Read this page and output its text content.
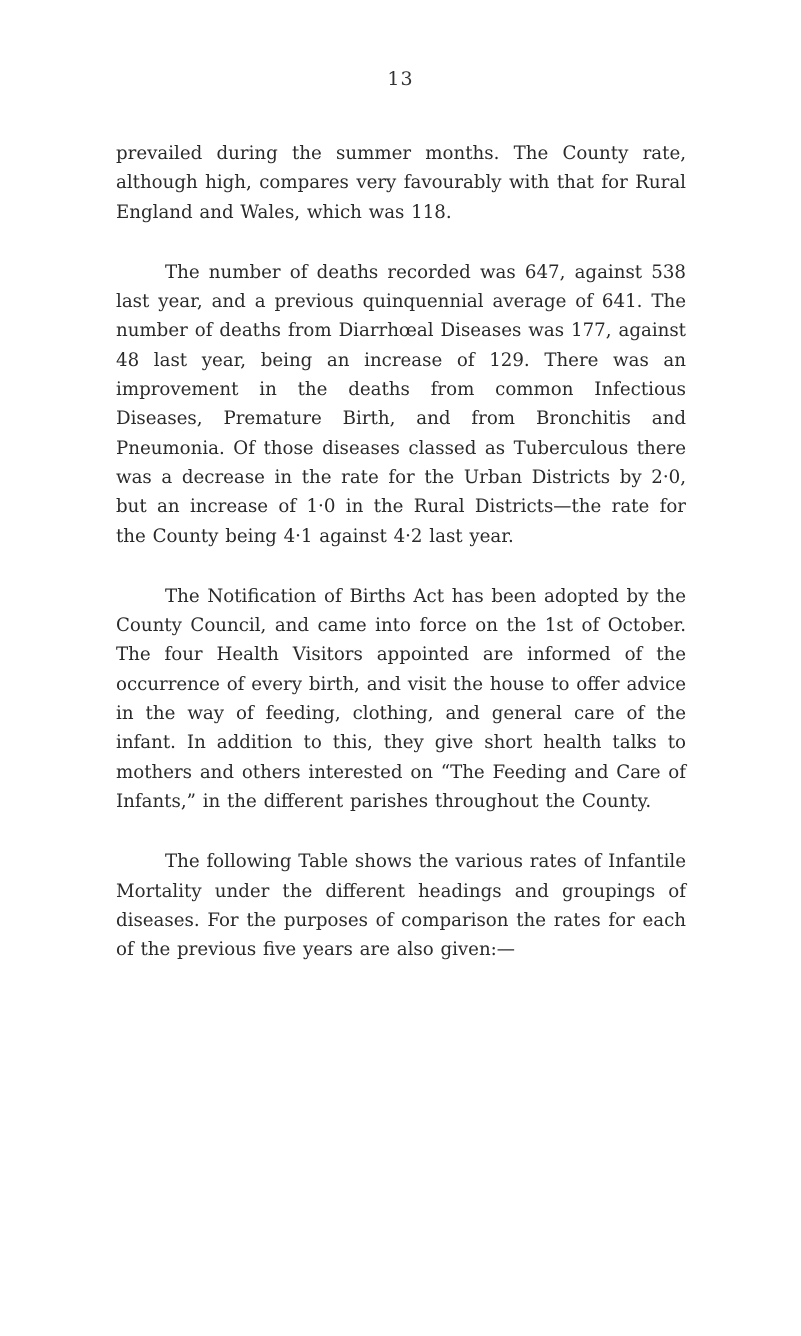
13

prevailed during the summer months. The County rate, although high, compares very favourably with that for Rural England and Wales, which was 118.

The number of deaths recorded was 647, against 538 last year, and a previous quinquennial average of 641. The number of deaths from Diarrhœal Diseases was 177, against 48 last year, being an increase of 129. There was an improvement in the deaths from common Infectious Diseases, Premature Birth, and from Bronchitis and Pneumonia. Of those diseases classed as Tuberculous there was a decrease in the rate for the Urban Districts by 2·0, but an increase of 1·0 in the Rural Districts—the rate for the County being 4·1 against 4·2 last year.

The Notification of Births Act has been adopted by the County Council, and came into force on the 1st of October. The four Health Visitors appointed are informed of the occurrence of every birth, and visit the house to offer advice in the way of feeding, clothing, and general care of the infant. In addition to this, they give short health talks to mothers and others interested on “The Feeding and Care of Infants,” in the different parishes throughout the County.

The following Table shows the various rates of Infantile Mortality under the different headings and groupings of diseases. For the purposes of comparison the rates for each of the previous five years are also given:—
